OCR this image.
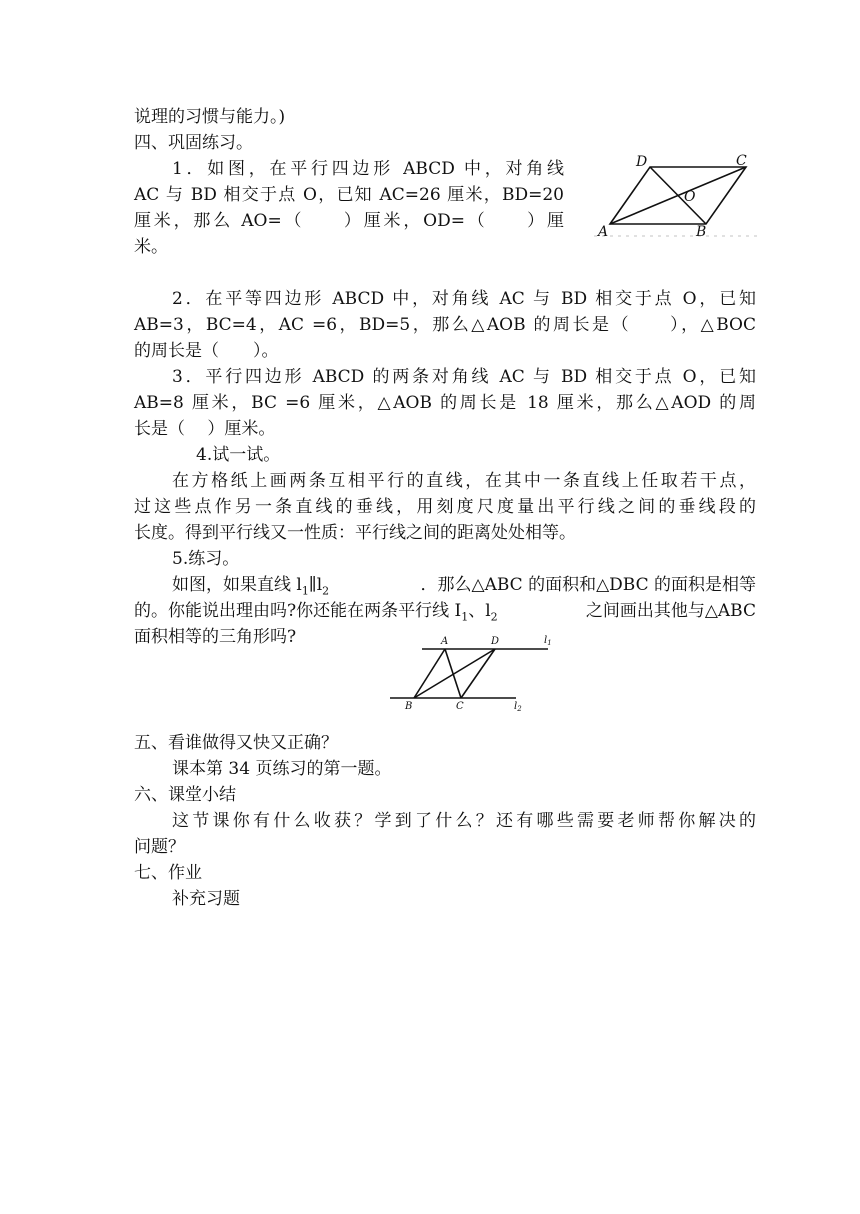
说理的习惯与能力。)
四、巩固练习。
1．如图，在平行四边形 ABCD 中，对角线
AC 与 BD 相交于点 O，已知 AC=26 厘米，BD=20
厘米，那么 AO=（　　）厘米，OD=（　　）厘
米。
A	B
C
D
O
2．在平等四边形 ABCD 中，对角线 AC 与 BD 相交于点 O，已知
AB=3，BC=4，AC =6，BD=5，那么△AOB 的周长是（　　），△BOC
的周长是（　　）。
3．平行四边形 ABCD 的两条对角线 AC 与 BD 相交于点 O，已知
AB=8 厘米，BC =6 厘米，△AOB 的周长是 18 厘米，那么△AOD 的周
长是（　 ）厘米。
4.试一试。
在方格纸上画两条互相平行的直线，在其中一条直线上任取若干点，
过这些点作另一条直线的垂线，用刻度尺度量出平行线之间的垂线段的
长度。得到平行线又一性质：平行线之间的距离处处相等。
5.练习。
如图，如果直线 $l_1\parallel l_2$	．那么△ABC 的面积和△DBC 的面积是相等
的。你能说出理由吗?你还能在两条平行线 $I_1$、$l_2$	之间画出其他与△ABC
面积相等的三角形吗?	A	D
B	C
$l_1$
$l_2$
五、看谁做得又快又正确？
课本第 34 页练习的第一题。
六、课堂小结
这节课你有什么收获？学到了什么？还有哪些需要老师帮你解决的
问题？
七、作业
补充习题
